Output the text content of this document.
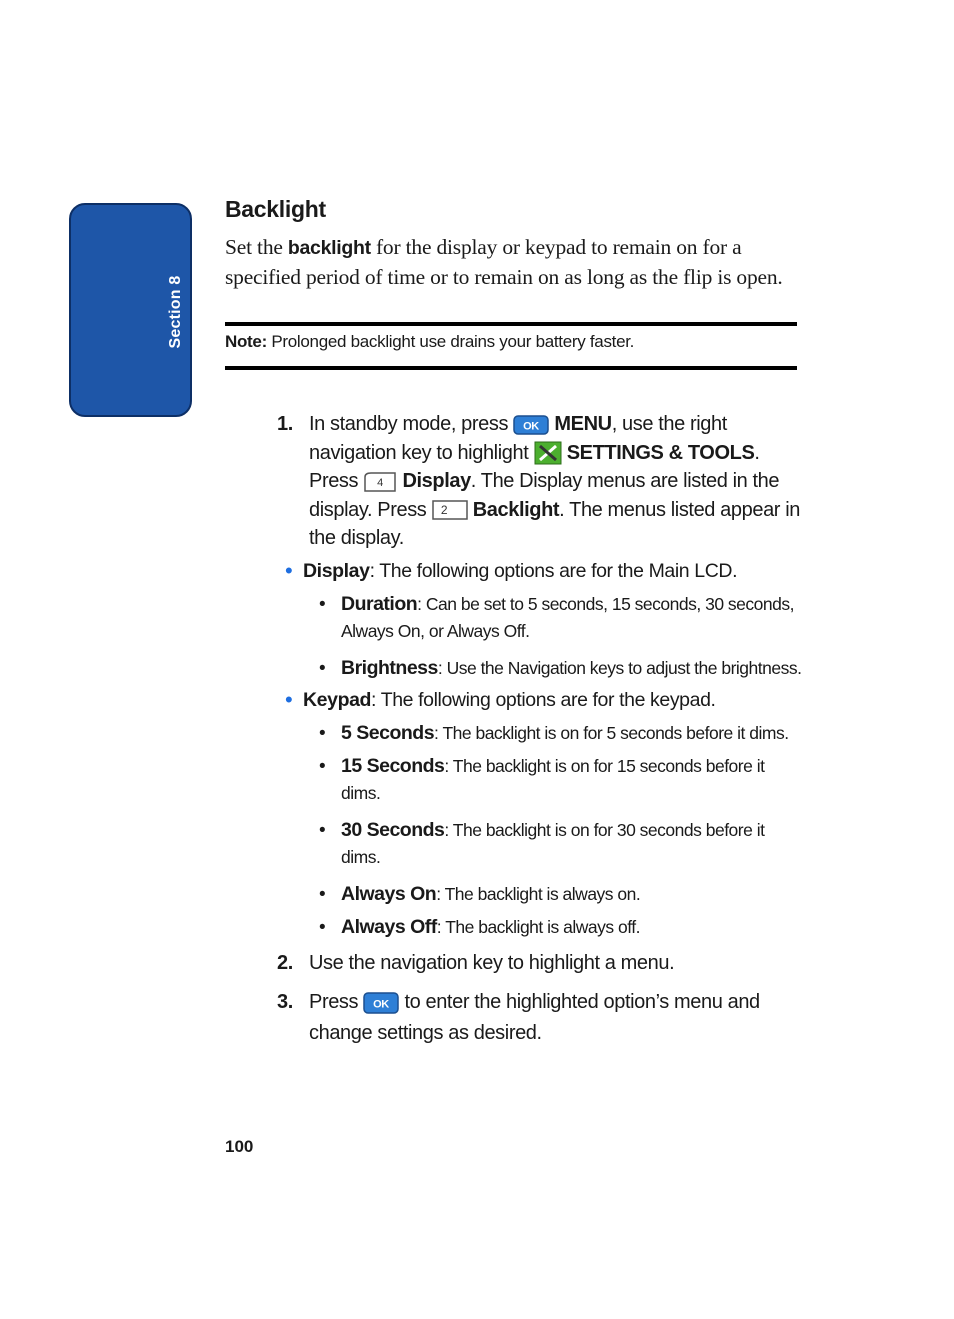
Section 8
Backlight

Set the backlight for the display or keypad to remain on for a specified period of time or to remain on as long as the flip is open.

Note: Prolonged backlight use drains your battery faster.
1. In standby mode, press OK MENU, use the right navigation key to highlight  SETTINGS & TOOLS. Press 4 Display. The Display menus are listed in the display. Press 2 Backlight. The menus listed appear in the display.
• Display: The following options are for the Main LCD.
• Duration: Can be set to 5 seconds, 15 seconds, 30 seconds, Always On, or Always Off.
• Brightness: Use the Navigation keys to adjust the brightness.
• Keypad: The following options are for the keypad.
• 5 Seconds: The backlight is on for 5 seconds before it dims.
• 15 Seconds: The backlight is on for 15 seconds before it dims.
• 30 Seconds: The backlight is on for 30 seconds before it dims.
• Always On: The backlight is always on.
• Always Off: The backlight is always off.
2. Use the navigation key to highlight a menu.
3. Press OK to enter the highlighted option’s menu and change settings as desired.
100
